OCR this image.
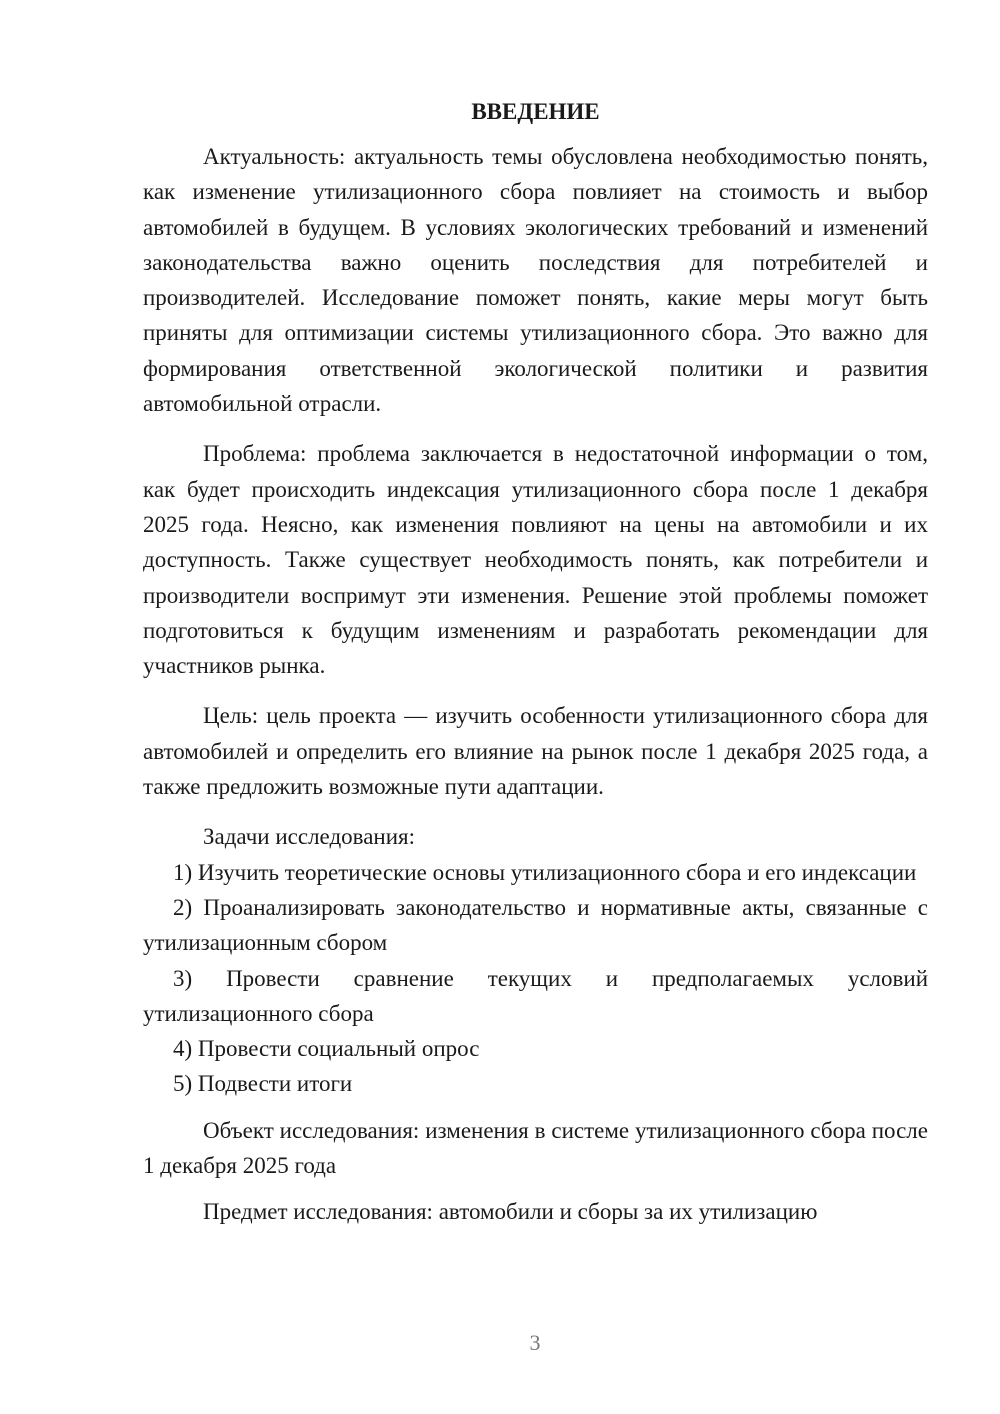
ВВЕДЕНИЕ

Актуальность: актуальность темы обусловлена необходимостью понять, как изменение утилизационного сбора повлияет на стоимость и выбор автомобилей в будущем. В условиях экологических требований и изменений законодательства важно оценить последствия для потребителей и производителей. Исследование поможет понять, какие меры могут быть приняты для оптимизации системы утилизационного сбора. Это важно для формирования ответственной экологической политики и развития автомобильной отрасли.

Проблема: проблема заключается в недостаточной информации о том, как будет происходить индексация утилизационного сбора после 1 декабря 2025 года. Неясно, как изменения повлияют на цены на автомобили и их доступность. Также существует необходимость понять, как потребители и производители воспримут эти изменения. Решение этой проблемы поможет подготовиться к будущим изменениям и разработать рекомендации для участников рынка.

Цель: цель проекта — изучить особенности утилизационного сбора для автомобилей и определить его влияние на рынок после 1 декабря 2025 года, а также предложить возможные пути адаптации.

Задачи исследования:

1) Изучить теоретические основы утилизационного сбора и его индексации

2) Проанализировать законодательство и нормативные акты, связанные с утилизационным сбором

3) Провести сравнение текущих и предполагаемых условий утилизационного сбора

4) Провести социальный опрос

5) Подвести итоги

Объект исследования: изменения в системе утилизационного сбора после 1 декабря 2025 года

Предмет исследования: автомобили и сборы за их утилизацию

3
